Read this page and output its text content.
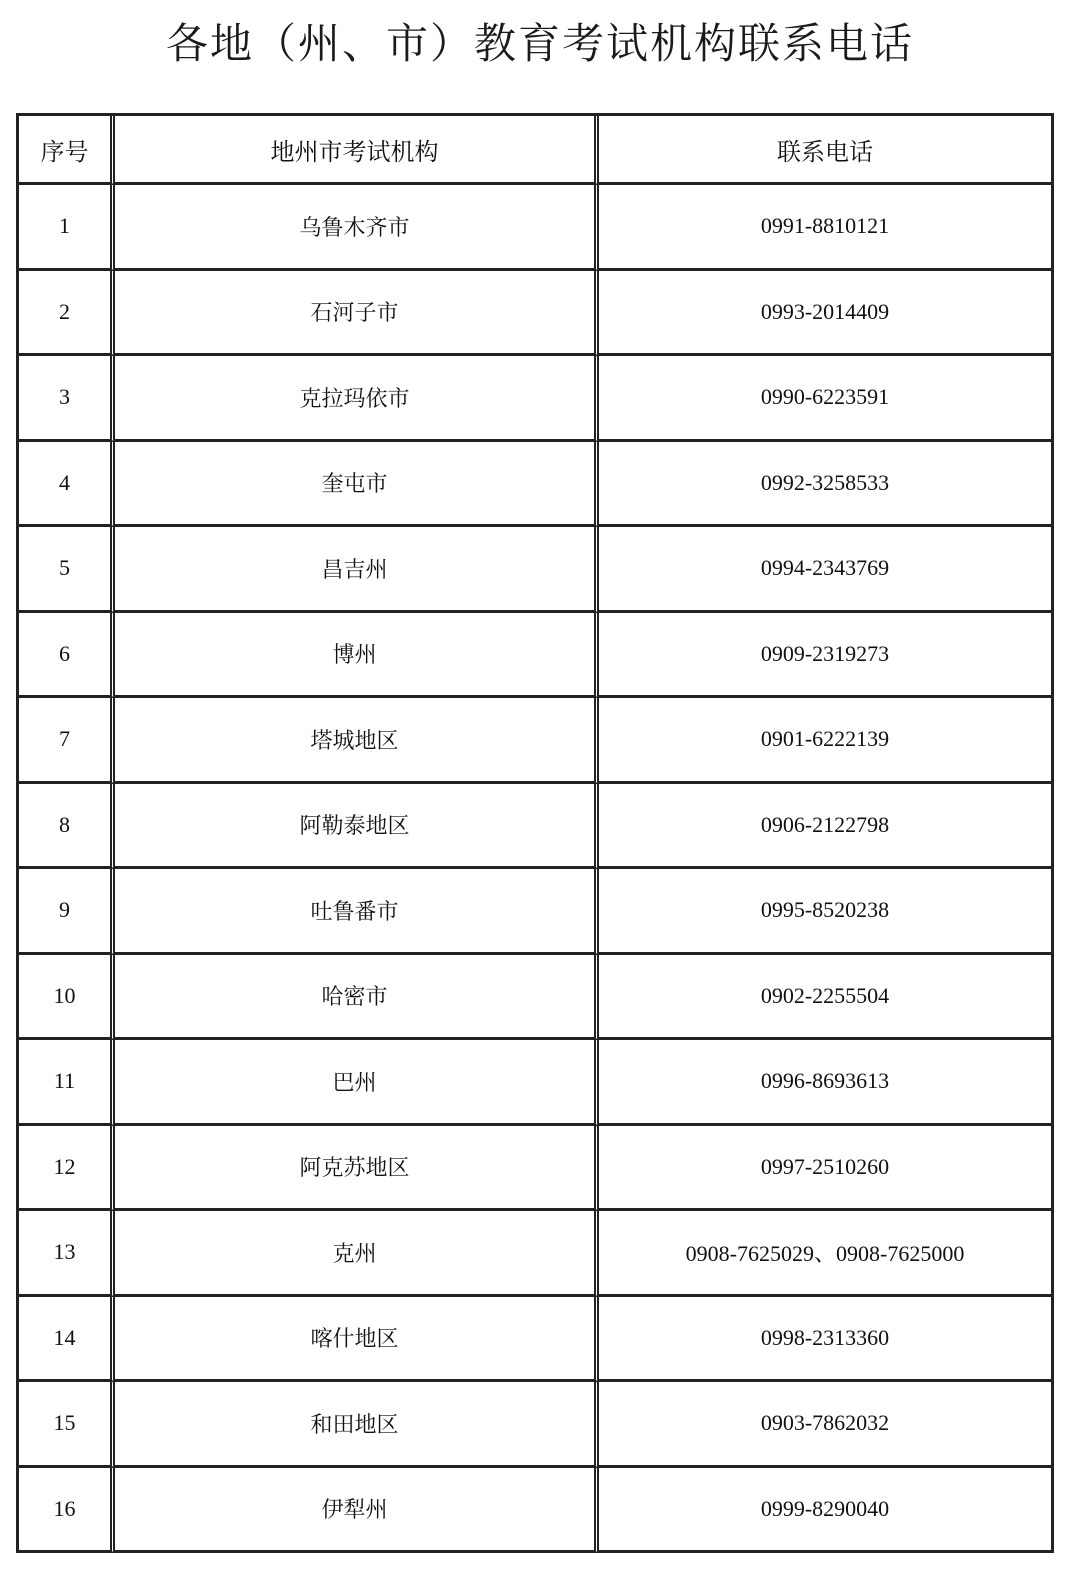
各地（州、市）教育考试机构联系电话
序号	地州市考试机构	联系电话
1	乌鲁木齐市	0991-8810121
2	石河子市	0993-2014409
3	克拉玛依市	0990-6223591
4	奎屯市	0992-3258533
5	昌吉州	0994-2343769
6	博州	0909-2319273
7	塔城地区	0901-6222139
8	阿勒泰地区	0906-2122798
9	吐鲁番市	0995-8520238
10	哈密市	0902-2255504
11	巴州	0996-8693613
12	阿克苏地区	0997-2510260
13	克州	0908-7625029、0908-7625000
14	喀什地区	0998-2313360
15	和田地区	0903-7862032
16	伊犁州	0999-8290040
